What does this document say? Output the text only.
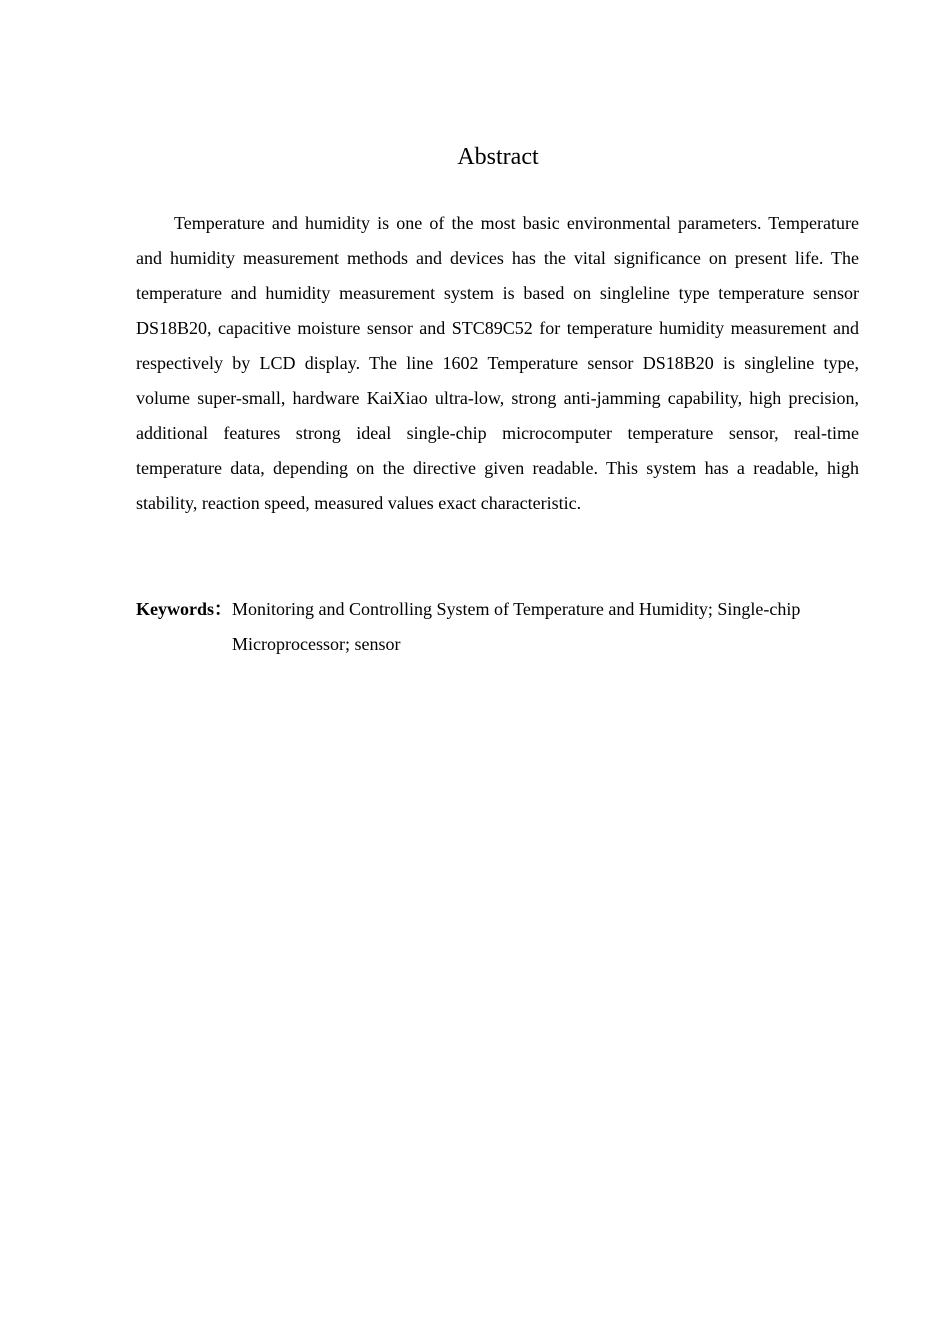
Abstract

Temperature and humidity is one of the most basic environmental parameters. Temperature and humidity measurement methods and devices has the vital significance on present life. The temperature and humidity measurement system is based on singleline type temperature sensor DS18B20, capacitive moisture sensor and STC89C52 for temperature humidity measurement and respectively by LCD display. The line 1602 Temperature sensor DS18B20 is singleline type, volume super-small, hardware KaiXiao ultra-low, strong anti-jamming capability, high precision, additional features strong ideal single-chip microcomputer temperature sensor, real-time temperature data, depending on the directive given readable. This system has a readable, high stability, reaction speed, measured values exact characteristic.

Keywords：Monitoring and Controlling System of Temperature and Humidity; Single-chip
Microprocessor; sensor
